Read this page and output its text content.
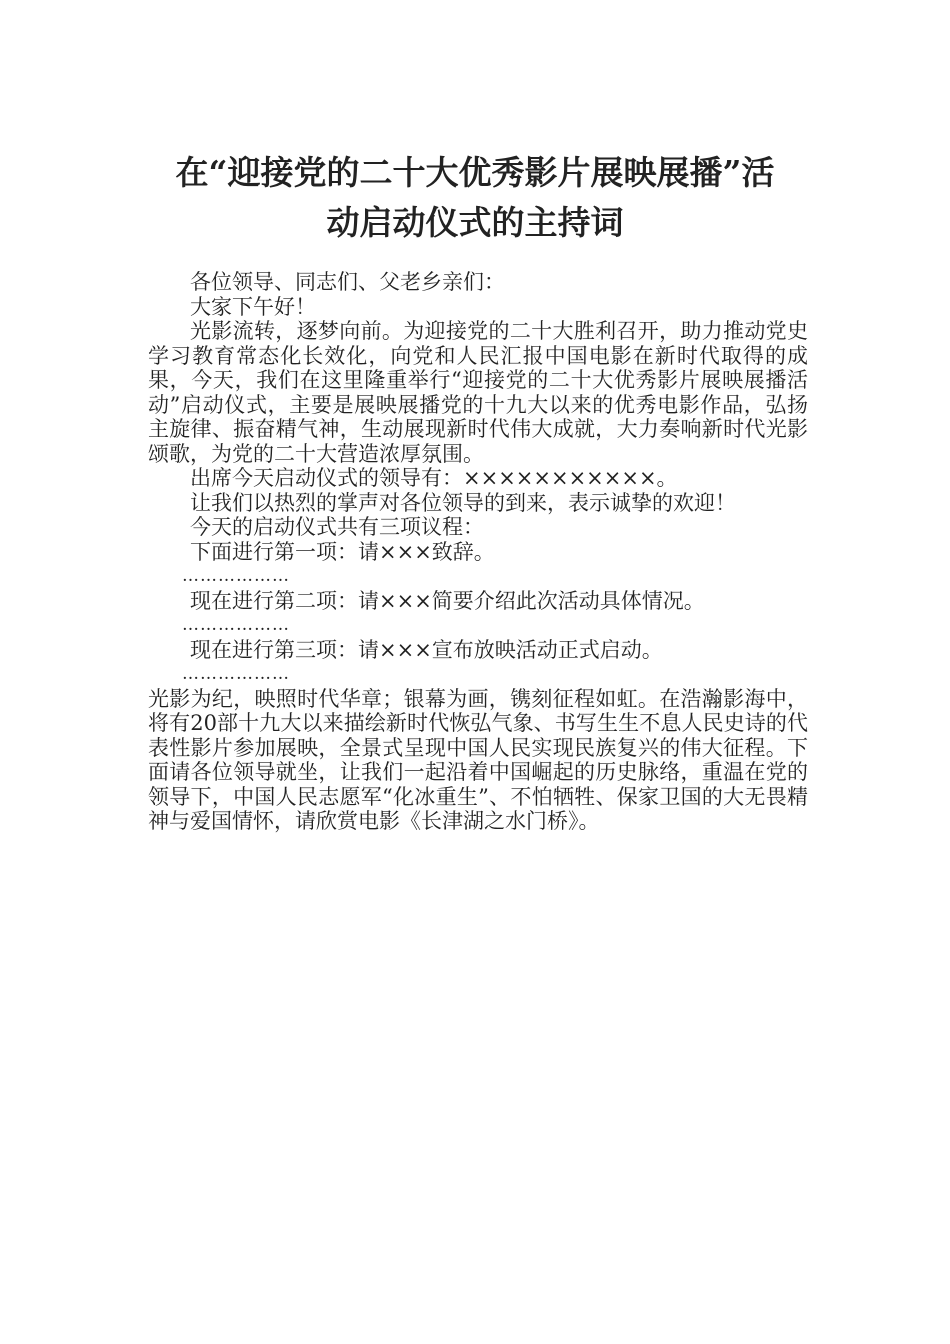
在“迎接党的二十大优秀影片展映展播”活
动启动仪式的主持词

各位领导、同志们、父老乡亲们：

大家下午好！

光影流转，逐梦向前。为迎接党的二十大胜利召开，助力推动党史学习教育常态化长效化，向党和人民汇报中国电影在新时代取得的成果，今天，我们在这里隆重举行“迎接党的二十大优秀影片展映展播活动”启动仪式，主要是展映展播党的十九大以来的优秀电影作品，弘扬主旋律、振奋精气神，生动展现新时代伟大成就，大力奏响新时代光影颂歌，为党的二十大营造浓厚氛围。

出席今天启动仪式的领导有：×××××××××××。

让我们以热烈的掌声对各位领导的到来，表示诚挚的欢迎！

今天的启动仪式共有三项议程：

下面进行第一项：请×××致辞。

………………

现在进行第二项：请×××简要介绍此次活动具体情况。

………………

现在进行第三项：请×××宣布放映活动正式启动。

………………

光影为纪，映照时代华章；银幕为画，镌刻征程如虹。在浩瀚影海中，将有20部十九大以来描绘新时代恢弘气象、书写生生不息人民史诗的代表性影片参加展映，全景式呈现中国人民实现民族复兴的伟大征程。下面请各位领导就坐，让我们一起沿着中国崛起的历史脉络，重温在党的领导下，中国人民志愿军“化冰重生”、不怕牺牲、保家卫国的大无畏精神与爱国情怀，请欣赏电影《长津湖之水门桥》。
